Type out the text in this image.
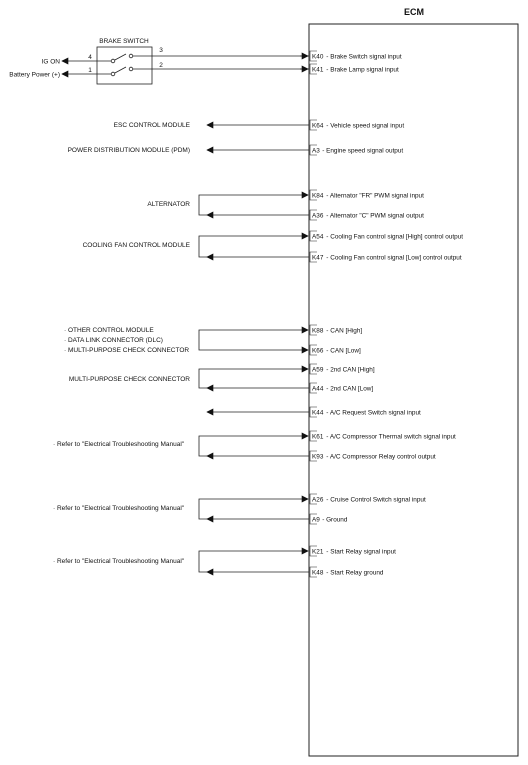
ECM
BRAKE SWITCH
IG ON
Battery Power (+)
4
1
3
2
ESC CONTROL MODULE
POWER DISTRIBUTION MODULE (PDM)
ALTERNATOR
COOLING FAN CONTROL MODULE
· OTHER CONTROL MODULE
· DATA LINK CONNECTOR (DLC)
· MULTI-PURPOSE CHECK CONNECTOR
MULTI-PURPOSE CHECK CONNECTOR
· Refer to "Electrical Troubleshooting Manual"
· Refer to "Electrical Troubleshooting Manual"
· Refer to "Electrical Troubleshooting Manual"
K40 - Brake Switch signal input
K41 - Brake Lamp signal input
K64 - Vehicle speed signal input
A3 - Engine speed signal output
K84 - Alternator "FR" PWM signal input
A36 - Alternator "C" PWM signal output
A54 - Cooling Fan control signal [High] control output
K47 - Cooling Fan control signal [Low] control output
K88 - CAN [High]
K66 - CAN [Low]
A59 - 2nd CAN [High]
A44 - 2nd CAN [Low]
K44 - A/C Request Switch signal input
K61 - A/C Compressor Thermal switch signal input
K93 - A/C Compressor Relay control output
A26 - Cruise Control Switch signal input
A9 - Ground
K21 - Start Relay signal input
K48 - Start Relay ground
